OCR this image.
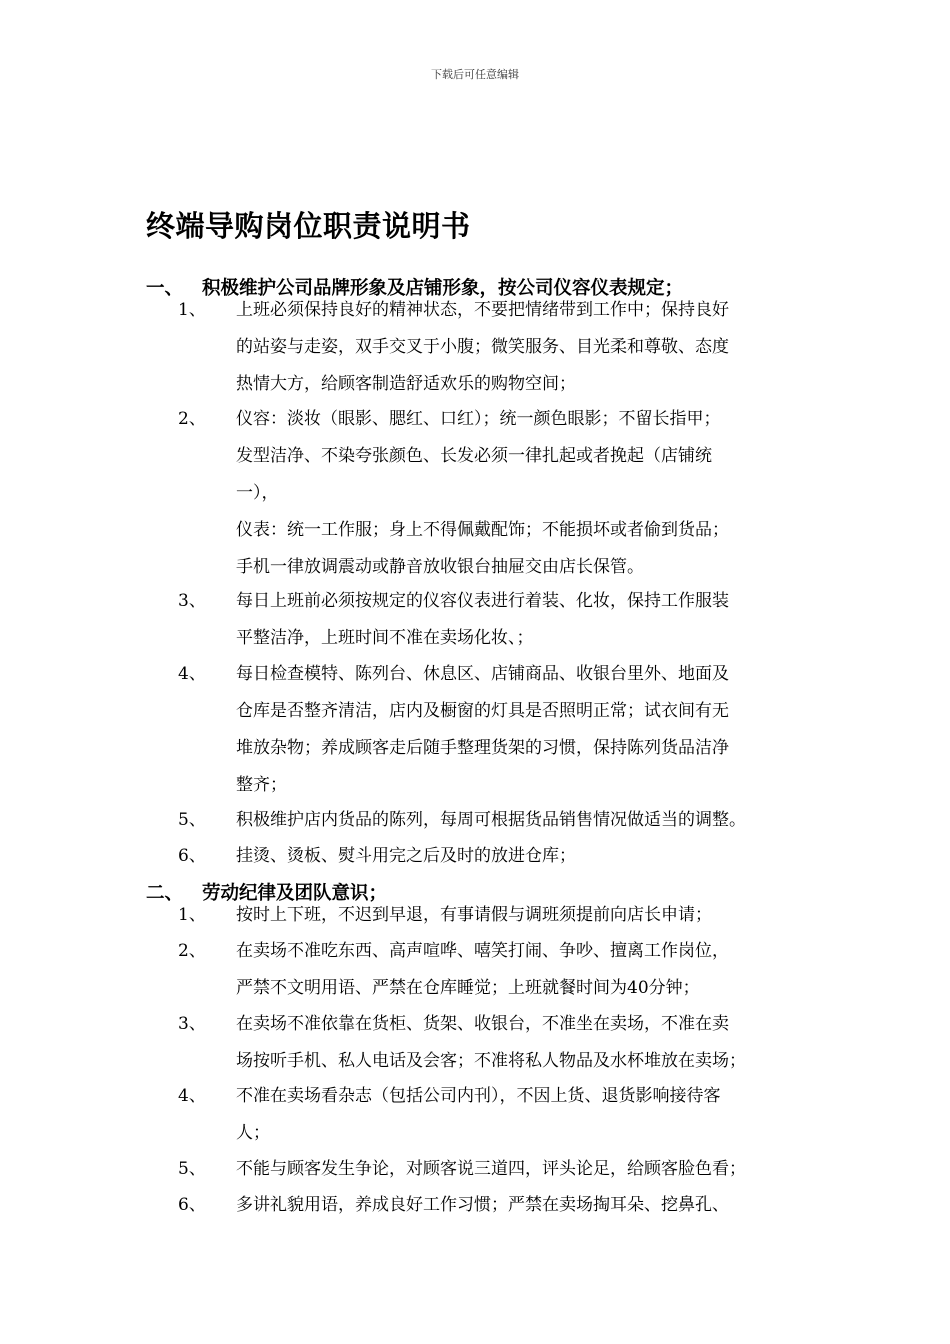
下载后可任意编辑
终端导购岗位职责说明书
一、 积极维护公司品牌形象及店铺形象，按公司仪容仪表规定；
1、	上班必须保持良好的精神状态，不要把情绪带到工作中；保持良好
的站姿与走姿，双手交叉于小腹；微笑服务、目光柔和尊敬、态度
热情大方，给顾客制造舒适欢乐的购物空间；
2、	仪容：淡妆（眼影、腮红、口红）；统一颜色眼影；不留长指甲；
发型洁净、不染夸张颜色、长发必须一律扎起或者挽起（店铺统
一），
仪表：统一工作服；身上不得佩戴配饰；不能损坏或者偷到货品；
手机一律放调震动或静音放收银台抽屉交由店长保管。
3、	每日上班前必须按规定的仪容仪表进行着装、化妆，保持工作服装
平整洁净，上班时间不准在卖场化妆、；
4、	每日检查模特、陈列台、休息区、店铺商品、收银台里外、地面及
仓库是否整齐清洁，店内及橱窗的灯具是否照明正常；试衣间有无
堆放杂物；养成顾客走后随手整理货架的习惯，保持陈列货品洁净
整齐；
5、	积极维护店内货品的陈列，每周可根据货品销售情况做适当的调整。
6、	挂烫、烫板、熨斗用完之后及时的放进仓库；
二、 劳动纪律及团队意识；
1、	按时上下班，不迟到早退，有事请假与调班须提前向店长申请；
2、	在卖场不准吃东西、高声喧哗、嘻笑打闹、争吵、擅离工作岗位，
严禁不文明用语、严禁在仓库睡觉；上班就餐时间为40分钟；
3、	在卖场不准依靠在货柜、货架、收银台，不准坐在卖场，不准在卖
场按听手机、私人电话及会客；不准将私人物品及水杯堆放在卖场；
4、	不准在卖场看杂志（包括公司内刊），不因上货、退货影响接待客
人；
5、	不能与顾客发生争论，对顾客说三道四，评头论足，给顾客脸色看；
6、	多讲礼貌用语，养成良好工作习惯；严禁在卖场掏耳朵、挖鼻孔、
